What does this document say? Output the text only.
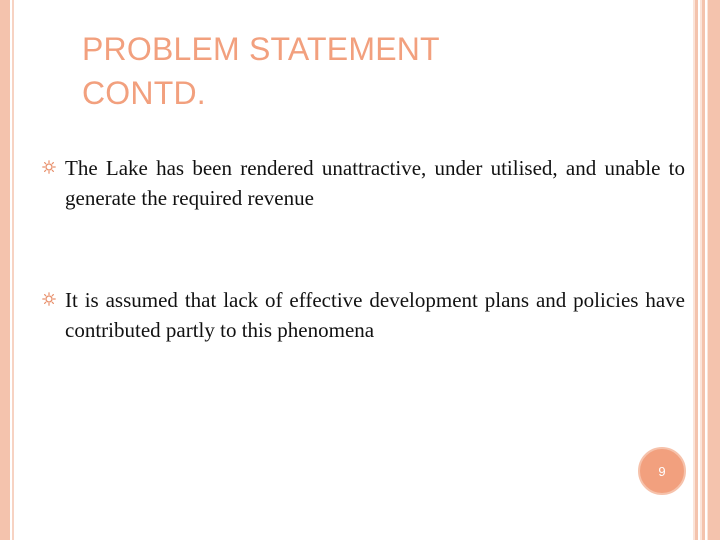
PROBLEM STATEMENT
CONTD.
The Lake has been rendered unattractive, under utilised, and unable to generate the required revenue
It is assumed that lack of effective development plans and policies have contributed partly to this phenomena
9
